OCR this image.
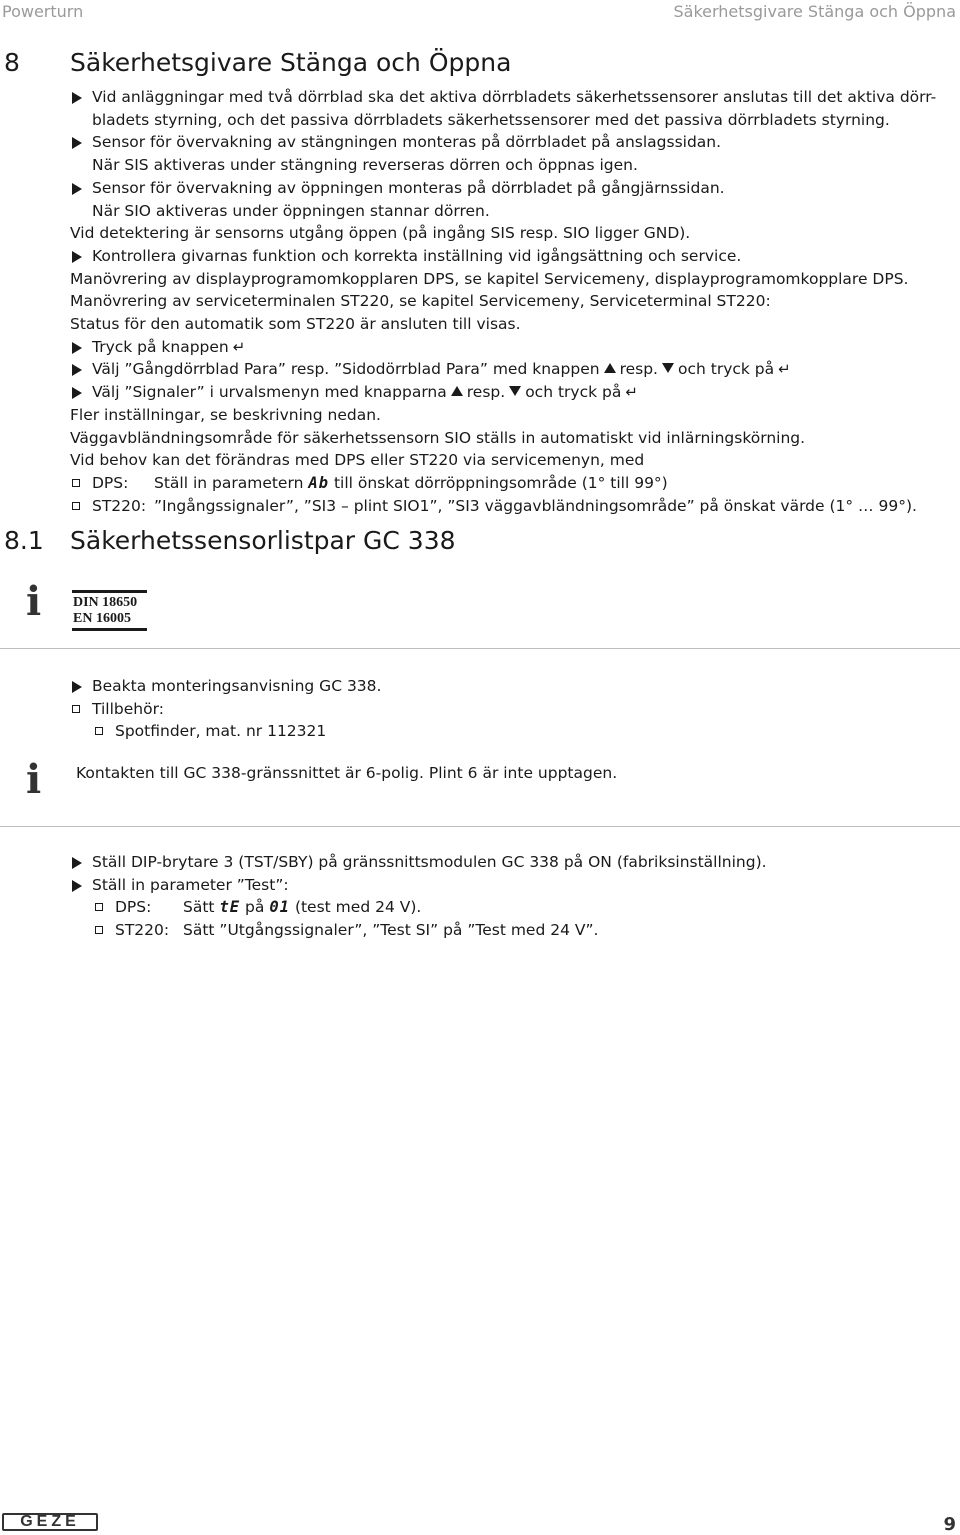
Powerturn	Säkerhetsgivare Stänga och Öppna
8 Säkerhetsgivare Stänga och Öppna
Vid anläggningar med två dörrblad ska det aktiva dörrbladets säkerhetssensorer anslutas till det aktiva dörr-
bladets styrning, och det passiva dörrbladets säkerhetssensorer med det passiva dörrbladets styrning.
Sensor för övervakning av stängningen monteras på dörrbladet på anslagssidan.
När SIS aktiveras under stängning reverseras dörren och öppnas igen.
Sensor för övervakning av öppningen monteras på dörrbladet på gångjärnssidan.
När SIO aktiveras under öppningen stannar dörren.
Vid detektering är sensorns utgång öppen (på ingång SIS resp. SIO ligger GND).
Kontrollera givarnas funktion och korrekta inställning vid igångsättning och service.
Manövrering av displayprogramomkopplaren DPS, se kapitel Servicemeny, displayprogramomkopplare DPS.
Manövrering av serviceterminalen ST220, se kapitel Servicemeny, Serviceterminal ST220:
Status för den automatik som ST220 är ansluten till visas.
Tryck på knappen ↵
Välj ”Gångdörrblad Para” resp. ”Sidodörrblad Para” med knappen resp. och tryck på ↵
Välj ”Signaler” i urvalsmenyn med knapparna resp. och tryck på ↵
Fler inställningar, se beskrivning nedan.
Väggavbländningsområde för säkerhetssensorn SIO ställs in automatiskt vid inlärningskörning.
Vid behov kan det förändras med DPS eller ST220 via servicemenyn, med
DPS: Ställ in parametern Ab till önskat dörröppningsområde (1° till 99°)
ST220: ”Ingångssignaler”, ”SI3 – plint SIO1”, ”SI3 väggavbländningsområde” på önskat värde (1° … 99°).
8.1 Säkerhetssensorlistpar GC 338
i DIN 18650
EN 16005
Beakta monteringsanvisning GC 338.
Tillbehör:
Spotfinder, mat. nr 112321
i Kontakten till GC 338-gränssnittet är 6-polig. Plint 6 är inte upptagen.
Ställ DIP-brytare 3 (TST/SBY) på gränssnittsmodulen GC 338 på ON (fabriksinställning).
Ställ in parameter ”Test”:
DPS: Sätt tE på 01 (test med 24 V).
ST220: Sätt ”Utgångssignaler”, ”Test SI” på ”Test med 24 V”.
GEZE	9
